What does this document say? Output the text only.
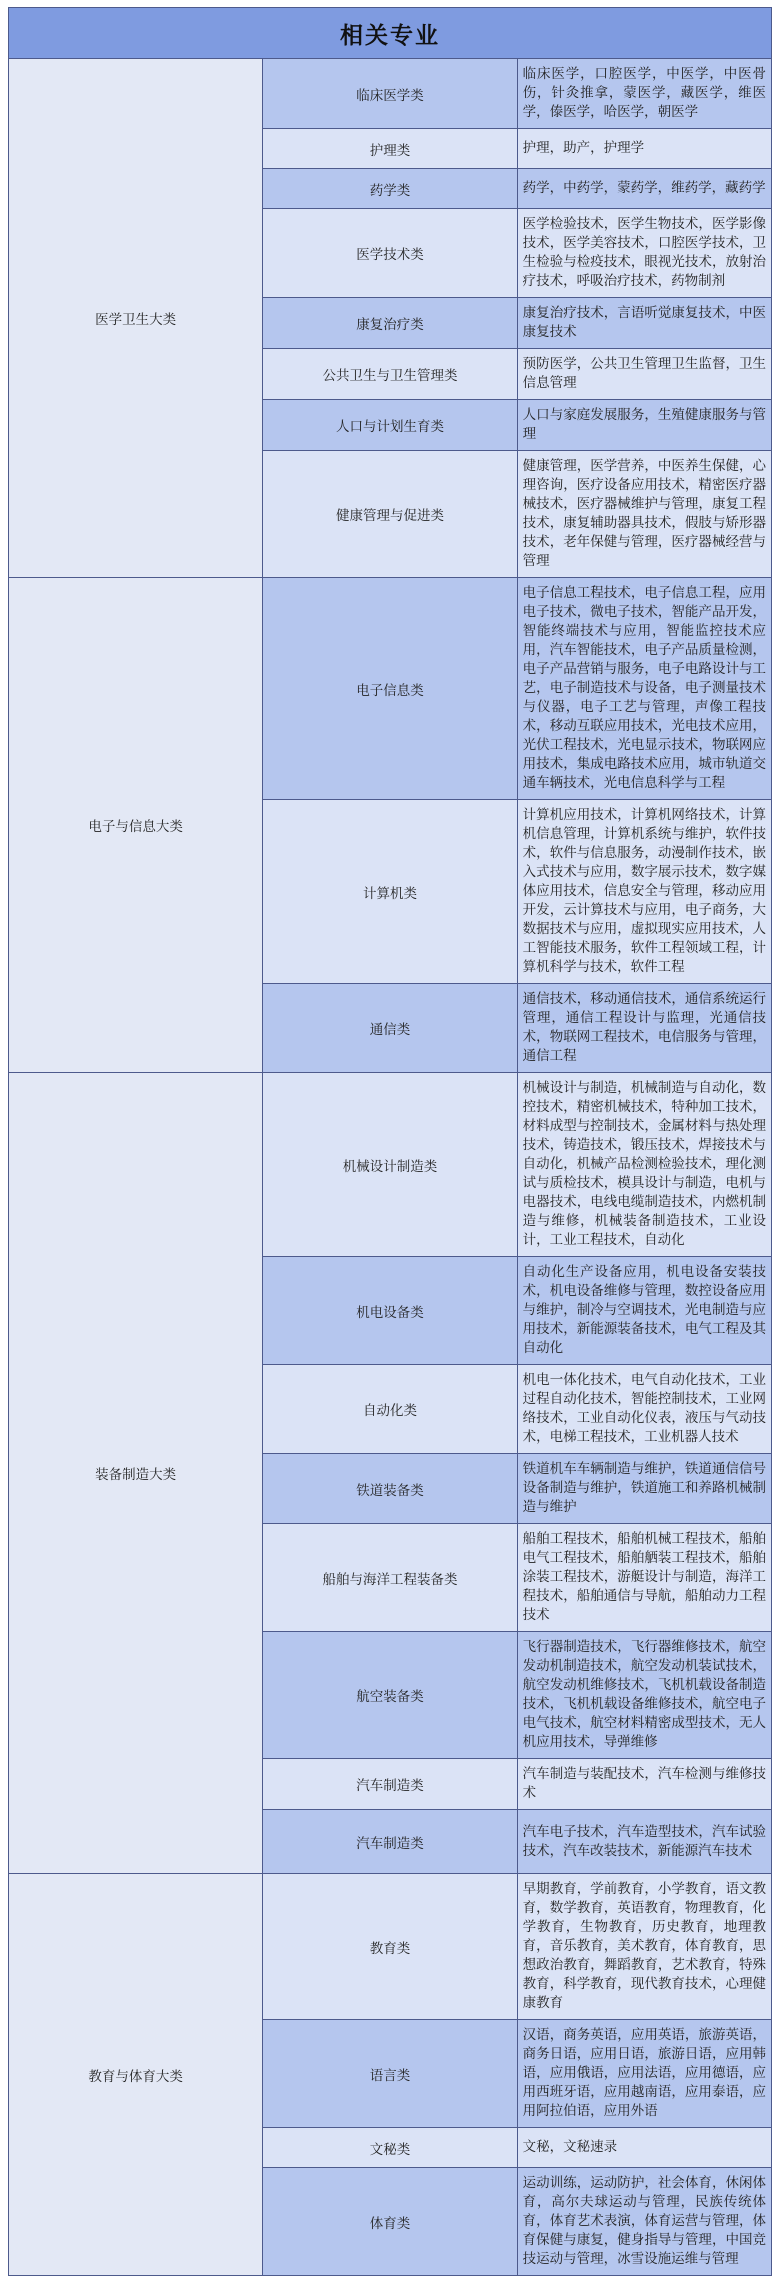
相关专业		
医学卫生大类	临床医学类	临床医学，口腔医学，中医学，中医骨伤，针灸推拿，蒙医学，藏医学，维医学，傣医学，哈医学，朝医学
	护理类	护理，助产，护理学
	药学类	药学，中药学，蒙药学，维药学，藏药学
	医学技术类	医学检验技术，医学生物技术，医学影像技术，医学美容技术，口腔医学技术，卫生检验与检疫技术，眼视光技术，放射治疗技术，呼吸治疗技术，药物制剂
	康复治疗类	康复治疗技术，言语听觉康复技术，中医康复技术
	公共卫生与卫生管理类	预防医学，公共卫生管理卫生监督，卫生信息管理
	人口与计划生育类	人口与家庭发展服务，生殖健康服务与管理
	健康管理与促进类	健康管理，医学营养，中医养生保健，心理咨询，医疗设备应用技术，精密医疗器械技术，医疗器械维护与管理，康复工程技术，康复辅助器具技术，假肢与矫形器技术，老年保健与管理，医疗器械经营与管理
电子与信息大类	电子信息类	电子信息工程技术，电子信息工程，应用电子技术，微电子技术，智能产品开发，智能终端技术与应用，智能监控技术应用，汽车智能技术，电子产品质量检测，电子产品营销与服务，电子电路设计与工艺，电子制造技术与设备，电子测量技术与仪器，电子工艺与管理，声像工程技术，移动互联应用技术，光电技术应用，光伏工程技术，光电显示技术，物联网应用技术，集成电路技术应用，城市轨道交通车辆技术，光电信息科学与工程
	计算机类	计算机应用技术，计算机网络技术，计算机信息管理，计算机系统与维护，软件技术，软件与信息服务，动漫制作技术，嵌入式技术与应用，数字展示技术，数字媒体应用技术，信息安全与管理，移动应用开发，云计算技术与应用，电子商务，大数据技术与应用，虚拟现实应用技术，人工智能技术服务，软件工程领域工程，计算机科学与技术，软件工程
	通信类	通信技术，移动通信技术，通信系统运行管理，通信工程设计与监理，光通信技术，物联网工程技术，电信服务与管理，通信工程
装备制造大类	机械设计制造类	机械设计与制造，机械制造与自动化，数控技术，精密机械技术，特种加工技术，材料成型与控制技术，金属材料与热处理技术，铸造技术，锻压技术，焊接技术与自动化，机械产品检测检验技术，理化测试与质检技术，模具设计与制造，电机与电器技术，电线电缆制造技术，内燃机制造与维修，机械装备制造技术，工业设计，工业工程技术，自动化
	机电设备类	自动化生产设备应用，机电设备安装技术，机电设备维修与管理，数控设备应用与维护，制冷与空调技术，光电制造与应用技术，新能源装备技术，电气工程及其自动化
	自动化类	机电一体化技术，电气自动化技术，工业过程自动化技术，智能控制技术，工业网络技术，工业自动化仪表，液压与气动技术，电梯工程技术，工业机器人技术
	铁道装备类	铁道机车车辆制造与维护，铁道通信信号设备制造与维护，铁道施工和养路机械制造与维护
	船舶与海洋工程装备类	船舶工程技术，船舶机械工程技术，船舶电气工程技术，船舶舾装工程技术，船舶涂装工程技术，游艇设计与制造，海洋工程技术，船舶通信与导航，船舶动力工程技术
	航空装备类	飞行器制造技术，飞行器维修技术，航空发动机制造技术，航空发动机装试技术，航空发动机维修技术，飞机机载设备制造技术，飞机机载设备维修技术，航空电子电气技术，航空材料精密成型技术，无人机应用技术，导弹维修
	汽车制造类	汽车制造与装配技术，汽车检测与维修技术
	汽车制造类	汽车电子技术，汽车造型技术，汽车试验技术，汽车改装技术，新能源汽车技术
教育与体育大类	教育类	早期教育，学前教育，小学教育，语文教育，数学教育，英语教育，物理教育，化学教育，生物教育，历史教育，地理教育，音乐教育，美术教育，体育教育，思想政治教育，舞蹈教育，艺术教育，特殊教育，科学教育，现代教育技术，心理健康教育
	语言类	汉语，商务英语，应用英语，旅游英语，商务日语，应用日语，旅游日语，应用韩语，应用俄语，应用法语，应用德语，应用西班牙语，应用越南语，应用泰语，应用阿拉伯语，应用外语
	文秘类	文秘，文秘速录
	体育类	运动训练，运动防护，社会体育，休闲体育，高尔夫球运动与管理，民族传统体育，体育艺术表演，体育运营与管理，体育保健与康复，健身指导与管理，中国竞技运动与管理，冰雪设施运维与管理
